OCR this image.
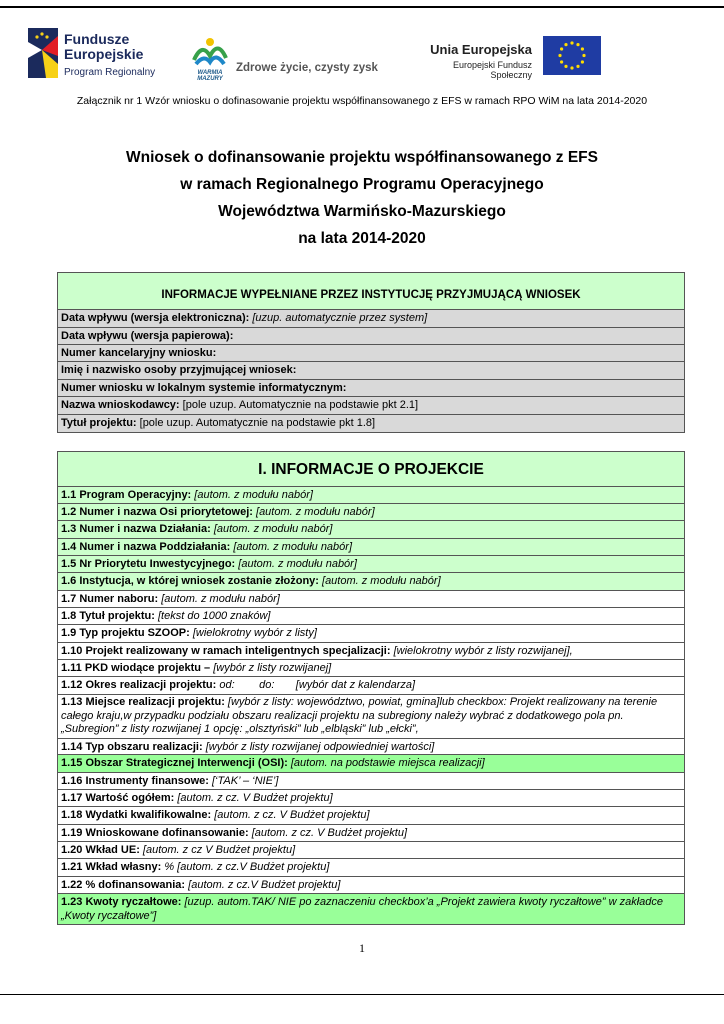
Fundusze
Europejskie
Program Regionalny	WARMIA MAZURY
Zdrowe życie, czysty zysk
Unia Europejska
Europejski Fundusz Społeczny
Załącznik nr 1 Wzór wniosku o dofinasowanie projektu współfinansowanego z EFS w ramach RPO WiM na lata 2014-2020
Wniosek o dofinansowanie projektu współfinansowanego z EFS
w ramach Regionalnego Programu Operacyjnego
Województwa Warmińsko-Mazurskiego
na lata 2014-2020
INFORMACJE WYPEŁNIANE PRZEZ INSTYTUCJĘ PRZYJMUJĄCĄ WNIOSEK
Data wpływu (wersja elektroniczna): [uzup. automatycznie przez system]
Data wpływu (wersja papierowa):
Numer kancelaryjny wniosku:
Imię i nazwisko osoby przyjmującej wniosek:
Numer wniosku w lokalnym systemie informatycznym:
Nazwa wnioskodawcy: [pole uzup. Automatycznie na podstawie pkt 2.1]
Tytuł projektu: [pole uzup. Automatycznie na podstawie pkt 1.8]
I. INFORMACJE O PROJEKCIE
1.1 Program Operacyjny: [autom. z modułu nabór]
1.2 Numer i nazwa Osi priorytetowej: [autom. z modułu nabór]
1.3 Numer i nazwa Działania: [autom. z modułu nabór]
1.4 Numer i nazwa Poddziałania: [autom. z modułu nabór]
1.5 Nr Priorytetu Inwestycyjnego: [autom. z modułu nabór]
1.6 Instytucja, w której wniosek zostanie złożony: [autom. z modułu nabór]
1.7 Numer naboru: [autom. z modułu nabór]
1.8 Tytuł projektu: [tekst do 1000 znaków]
1.9 Typ projektu SZOOP: [wielokrotny wybór z listy]
1.10 Projekt realizowany w ramach inteligentnych specjalizacji: [wielokrotny wybór z listy rozwijanej],
1.11 PKD wiodące projektu – [wybór z listy rozwijanej]
1.12 Okres realizacji projektu: od:        do:       [wybór dat z kalendarza]
1.13 Miejsce realizacji projektu: [wybór z listy: województwo, powiat, gmina]lub checkbox: Projekt realizowany na terenie całego kraju,w przypadku podziału obszaru realizacji projektu na subregiony należy wybrać z dodatkowego pola pn.„Subregion” z listy rozwijanej 1 opcję: „olsztyński” lub „elbląski” lub „ełcki”,
1.14 Typ obszaru realizacji: [wybór z listy rozwijanej odpowiedniej wartości]
1.15 Obszar Strategicznej Interwencji (OSI): [autom. na podstawie miejsca realizacji]
1.16 Instrumenty finansowe: [‘TAK’ – ‘NIE’]
1.17 Wartość ogółem: [autom. z cz. V Budżet projektu]
1.18 Wydatki kwalifikowalne: [autom. z cz. V Budżet projektu]
1.19 Wnioskowane dofinansowanie: [autom. z cz. V Budżet projektu]
1.20 Wkład UE: [autom. z cz V Budżet projektu]
1.21 Wkład własny: % [autom. z cz.V Budżet projektu]
1.22 % dofinansowania: [autom. z cz.V Budżet projektu]
1.23 Kwoty ryczałtowe: [uzup. autom.TAK/ NIE po zaznaczeniu checkbox’a „Projekt zawiera kwoty ryczałtowe” w zakładce „Kwoty ryczałtowe”]
1
